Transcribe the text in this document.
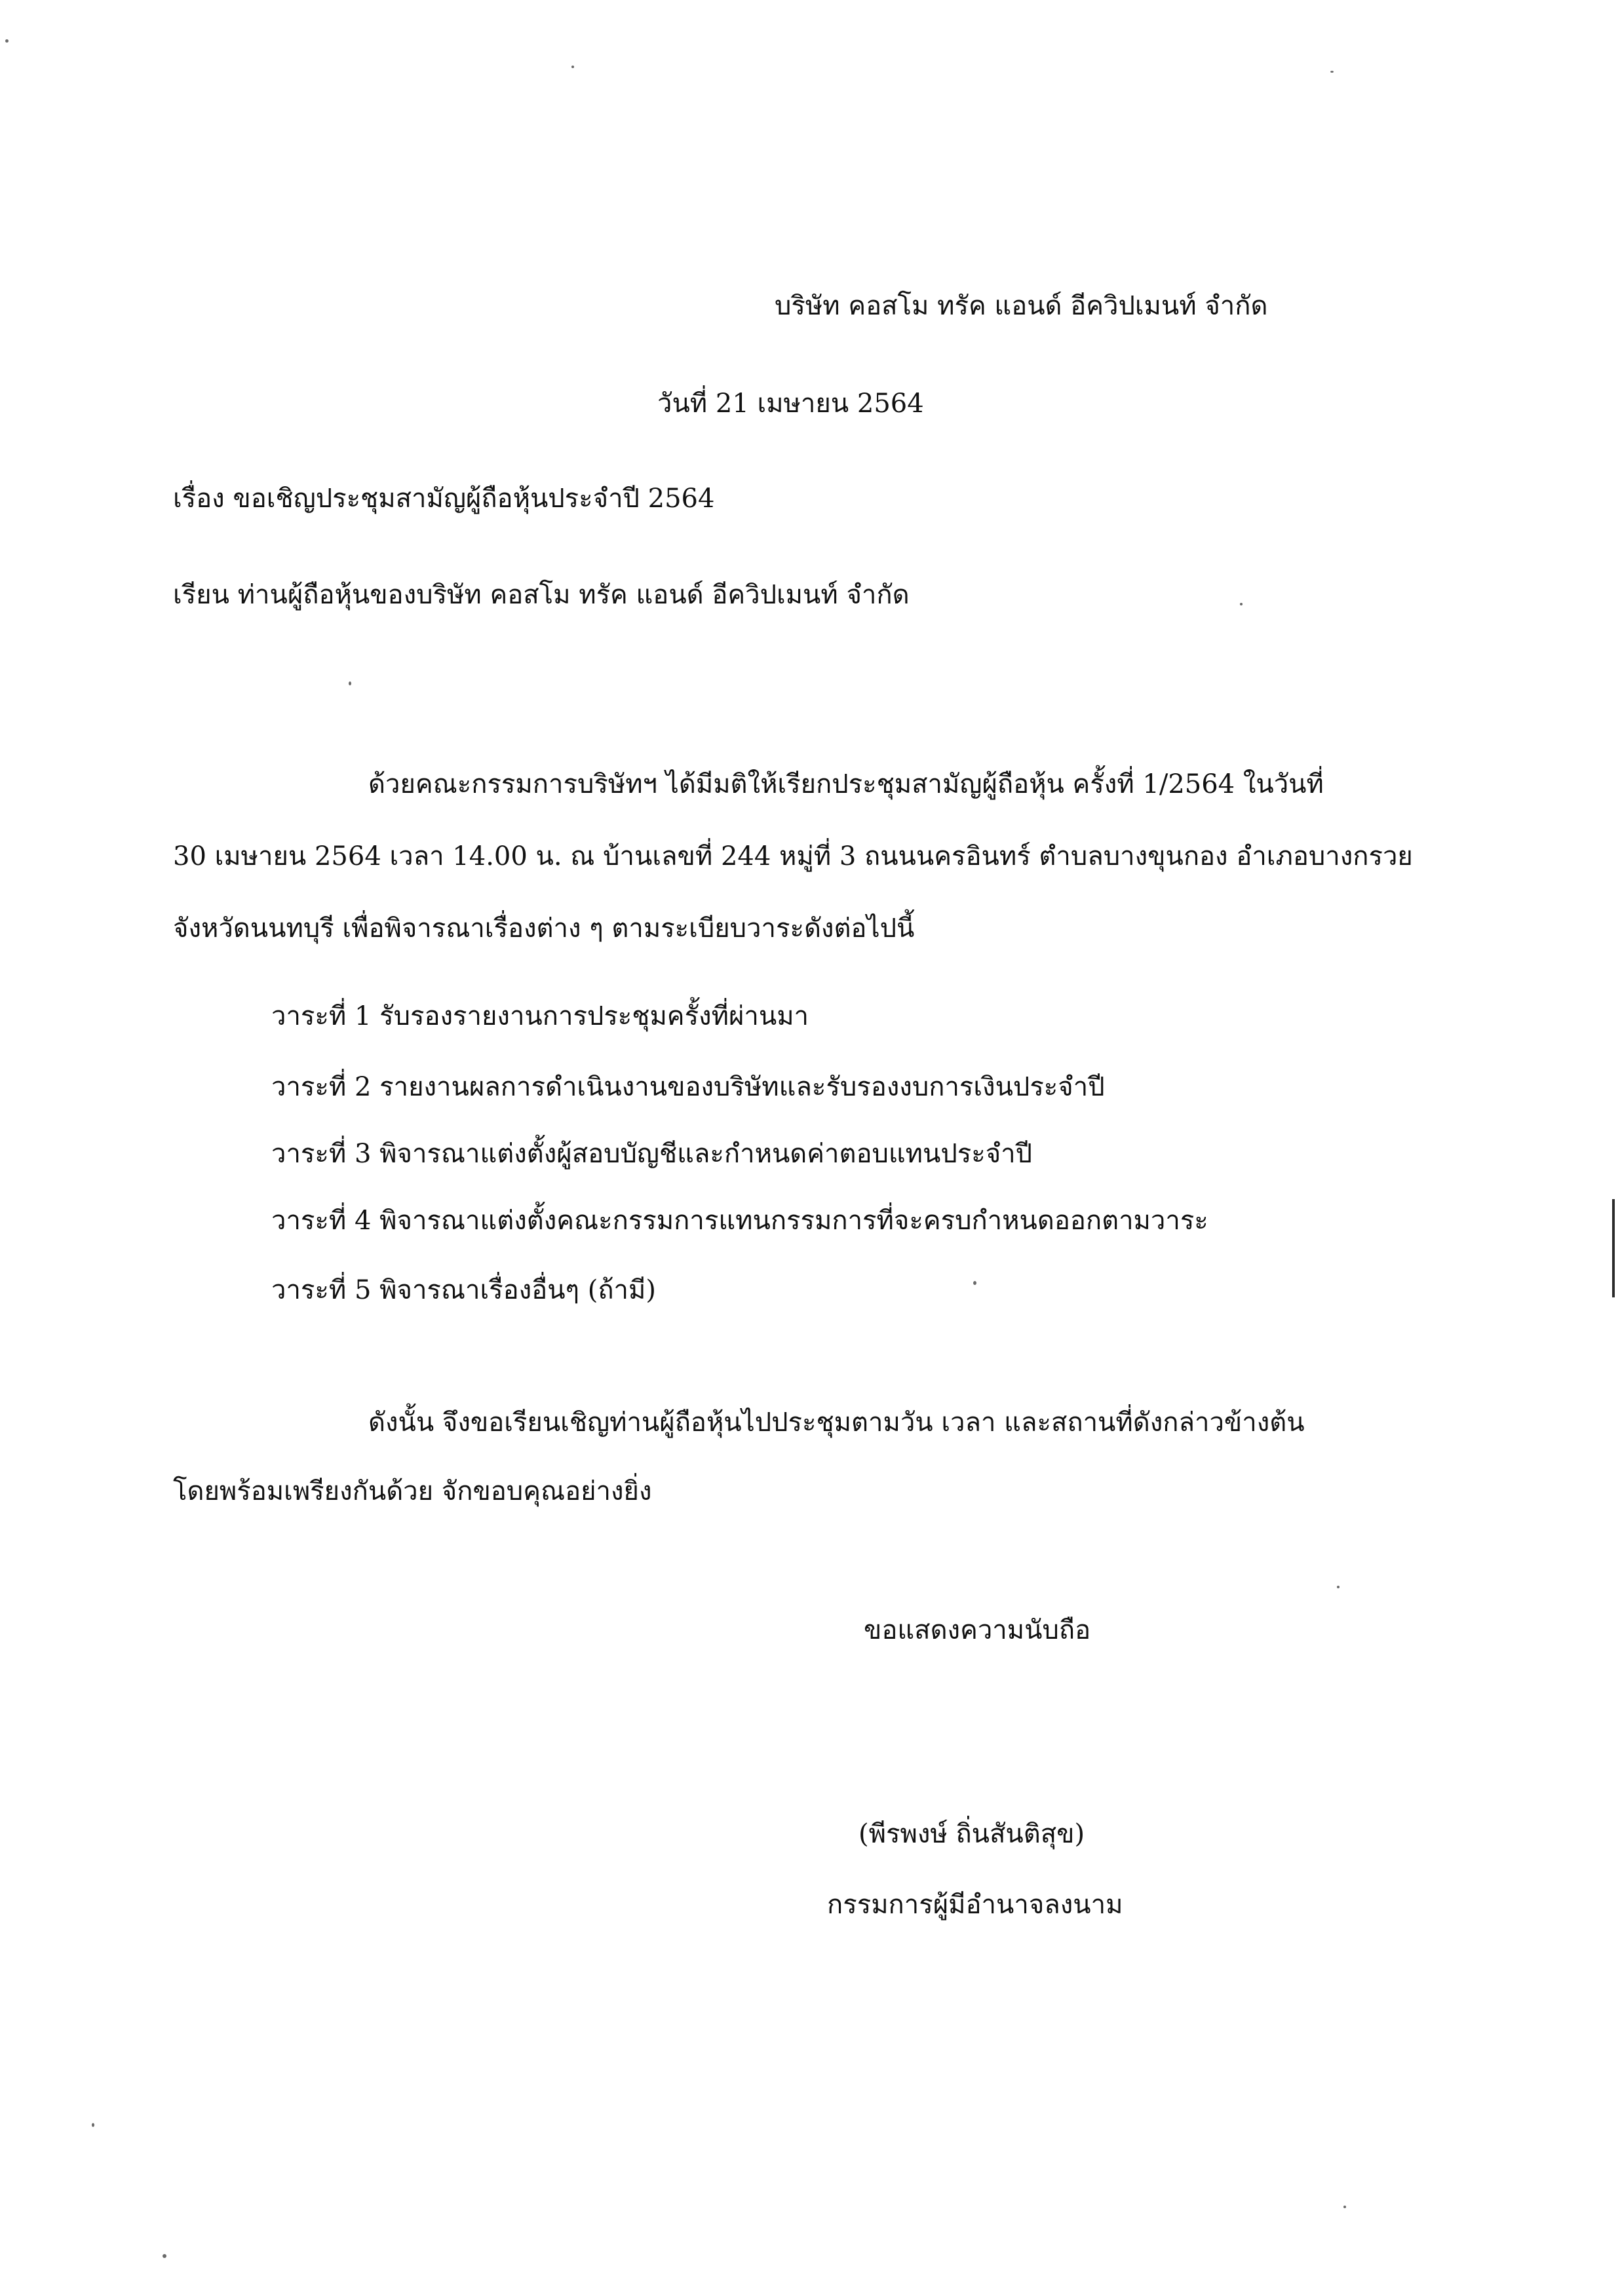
บริษัท คอสโม ทรัค แอนด์ อีควิปเมนท์ จำกัด
วันที่ 21 เมษายน 2564
เรื่อง ขอเชิญประชุมสามัญผู้ถือหุ้นประจำปี 2564
เรียน ท่านผู้ถือหุ้นของบริษัท คอสโม ทรัค แอนด์ อีควิปเมนท์ จำกัด
ด้วยคณะกรรมการบริษัทฯ ได้มีมติให้เรียกประชุมสามัญผู้ถือหุ้น ครั้งที่ 1/2564 ในวันที่
30 เมษายน 2564 เวลา 14.00 น. ณ บ้านเลขที่ 244 หมู่ที่ 3 ถนนนครอินทร์ ตำบลบางขุนกอง อำเภอบางกรวย
จังหวัดนนทบุรี เพื่อพิจารณาเรื่องต่าง ๆ ตามระเบียบวาระดังต่อไปนี้
วาระที่ 1 รับรองรายงานการประชุมครั้งที่ผ่านมา
วาระที่ 2 รายงานผลการดำเนินงานของบริษัทและรับรองงบการเงินประจำปี
วาระที่ 3 พิจารณาแต่งตั้งผู้สอบบัญชีและกำหนดค่าตอบแทนประจำปี
วาระที่ 4 พิจารณาแต่งตั้งคณะกรรมการแทนกรรมการที่จะครบกำหนดออกตามวาระ
วาระที่ 5 พิจารณาเรื่องอื่นๆ (ถ้ามี)
ดังนั้น จึงขอเรียนเชิญท่านผู้ถือหุ้นไปประชุมตามวัน เวลา และสถานที่ดังกล่าวข้างต้น
โดยพร้อมเพรียงกันด้วย จักขอบคุณอย่างยิ่ง
ขอแสดงความนับถือ
(พีรพงษ์ ถิ่นสันติสุข)
กรรมการผู้มีอำนาจลงนาม
